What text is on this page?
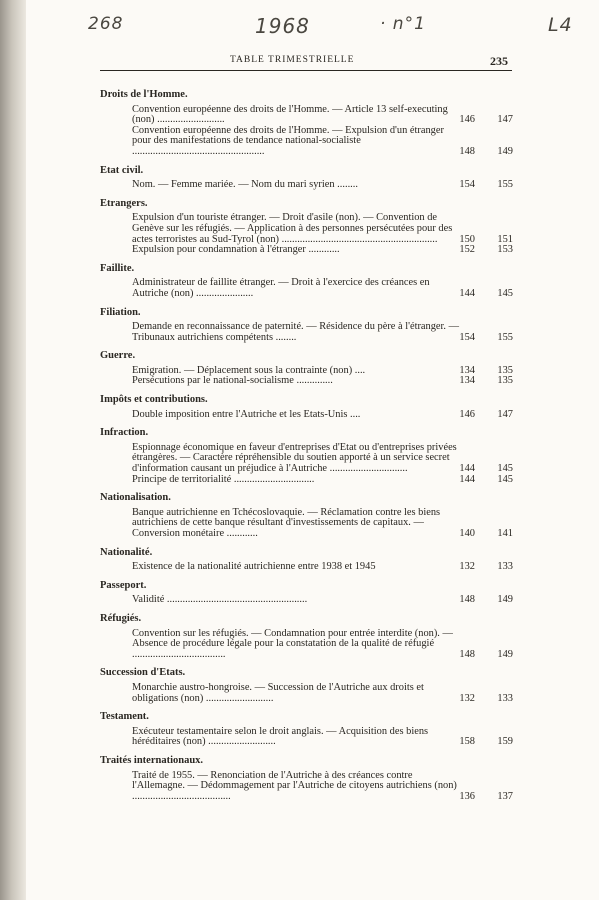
268	1968	· n°1	L4
TABLE TRIMESTRIELLE	235
Droits de l'Homme.
Convention européenne des droits de l'Homme. — Article 13 self-executing (non) ..........................	146 147
Convention européenne des droits de l'Homme. — Expulsion d'un étranger pour des manifestations de tendance national-socialiste ...................................................	148 149
Etat civil.
Nom. — Femme mariée. — Nom du mari syrien ........	154 155
Etrangers.
Expulsion d'un touriste étranger. — Droit d'asile (non). — Convention de Genève sur les réfugiés. — Application à des personnes persécutées pour des actes terroristes au Sud-Tyrol (non) ............................................................ 150 151
Expulsion pour condamnation à l'étranger ............	152 153
Faillite.
Administrateur de faillite étranger. — Droit à l'exercice des créances en Autriche (non) ......................	144 145
Filiation.
Demande en reconnaissance de paternité. — Résidence du père à l'étranger. — Tribunaux autrichiens compétents ........	154 155
Guerre.
Emigration. — Déplacement sous la contrainte (non) ....	134 135
Persécutions par le national-socialisme ..............	134 135
Impôts et contributions.
Double imposition entre l'Autriche et les Etats-Unis ....	146 147
Infraction.
Espionnage économique en faveur d'entreprises d'Etat ou d'entreprises privées étrangères. — Caractère répréhensible du soutien apporté à un service secret d'information causant un préjudice à l'Autriche ..............................	144 145
Principe de territorialité ...............................	144 145
Nationalisation.
Banque autrichienne en Tchécoslovaquie. — Réclamation contre les biens autrichiens de cette banque résultant d'investissements de capitaux. — Conversion monétaire ............	140 141
Nationalité.
Existence de la nationalité autrichienne entre 1938 et 1945	132 133
Passeport.
Validité ......................................................	148 149
Réfugiés.
Convention sur les réfugiés. — Condamnation pour entrée interdite (non). — Absence de procédure légale pour la constatation de la qualité de réfugié ....................................	148 149
Succession d'Etats.
Monarchie austro-hongroise. — Succession de l'Autriche aux droits et obligations (non) ..........................	132 133
Testament.
Exécuteur testamentaire selon le droit anglais. — Acquisition des biens héréditaires (non) ..........................	158 159
Traités internationaux.
Traité de 1955. — Renonciation de l'Autriche à des créances contre l'Allemagne. — Dédommagement par l'Autriche de citoyens autrichiens (non) ......................................	136 137
